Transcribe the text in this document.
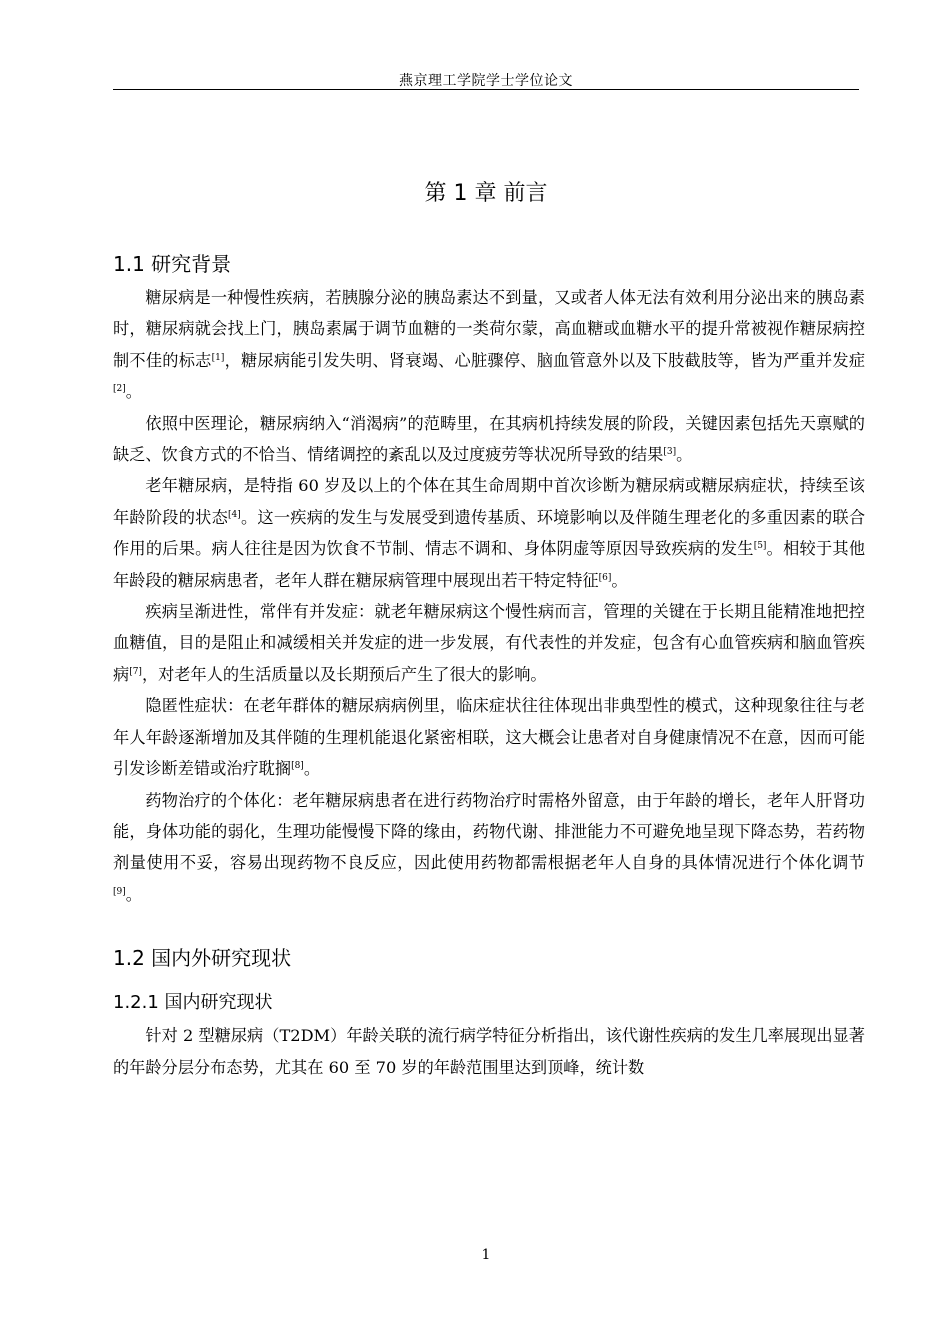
燕京理工学院学士学位论文
第 1 章 前言
1.1 研究背景

糖尿病是一种慢性疾病，若胰腺分泌的胰岛素达不到量，又或者人体无法有效利用分泌出来的胰岛素时，糖尿病就会找上门，胰岛素属于调节血糖的一类荷尔蒙，高血糖或血糖水平的提升常被视作糖尿病控制不佳的标志[1]，糖尿病能引发失明、肾衰竭、心脏骤停、脑血管意外以及下肢截肢等，皆为严重并发症[2]。

依照中医理论，糖尿病纳入“消渴病”的范畴里，在其病机持续发展的阶段，关键因素包括先天禀赋的缺乏、饮食方式的不恰当、情绪调控的紊乱以及过度疲劳等状况所导致的结果[3]。

老年糖尿病，是特指 60 岁及以上的个体在其生命周期中首次诊断为糖尿病或糖尿病症状，持续至该年龄阶段的状态[4]。这一疾病的发生与发展受到遗传基质、环境影响以及伴随生理老化的多重因素的联合作用的后果。病人往往是因为饮食不节制、情志不调和、身体阴虚等原因导致疾病的发生[5]。相较于其他年龄段的糖尿病患者，老年人群在糖尿病管理中展现出若干特定特征[6]。

疾病呈渐进性，常伴有并发症：就老年糖尿病这个慢性病而言，管理的关键在于长期且能精准地把控血糖值，目的是阻止和减缓相关并发症的进一步发展，有代表性的并发症，包含有心血管疾病和脑血管疾病[7]，对老年人的生活质量以及长期预后产生了很大的影响。

隐匿性症状：在老年群体的糖尿病病例里，临床症状往往体现出非典型性的模式，这种现象往往与老年人年龄逐渐增加及其伴随的生理机能退化紧密相联，这大概会让患者对自身健康情况不在意，因而可能引发诊断差错或治疗耽搁[8]。

药物治疗的个体化：老年糖尿病患者在进行药物治疗时需格外留意，由于年龄的增长，老年人肝肾功能，身体功能的弱化，生理功能慢慢下降的缘由，药物代谢、排泄能力不可避免地呈现下降态势，若药物剂量使用不妥，容易出现药物不良反应，因此使用药物都需根据老年人自身的具体情况进行个体化调节[9]。

1.2 国内外研究现状
1.2.1 国内研究现状

针对 2 型糖尿病（T2DM）年龄关联的流行病学特征分析指出，该代谢性疾病的发生几率展现出显著的年龄分层分布态势，尤其在 60 至 70 岁的年龄范围里达到顶峰，统计数

1
